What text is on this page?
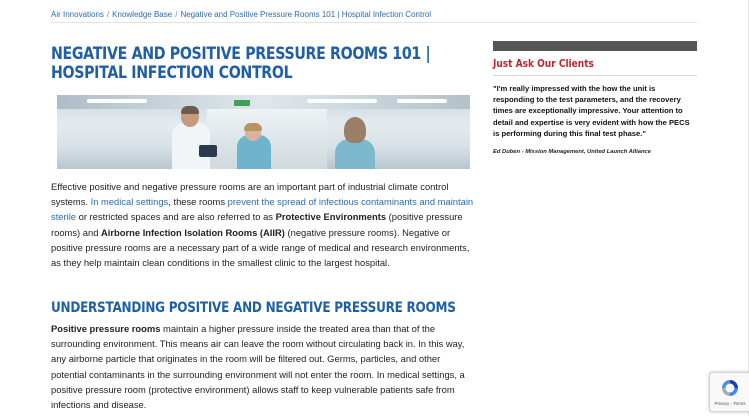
Air Innovations / Knowledge Base / Negative and Positive Pressure Rooms 101 | Hospital Infection Control
NEGATIVE AND POSITIVE PRESSURE ROOMS 101 | HOSPITAL INFECTION CONTROL

Effective positive and negative pressure rooms are an important part of industrial climate control systems. In medical settings, these rooms prevent the spread of infectious contaminants and maintain sterile or restricted spaces and are also referred to as Protective Environments (positive pressure rooms) and Airborne Infection Isolation Rooms (AIIR) (negative pressure rooms). Negative or positive pressure rooms are a necessary part of a wide range of medical and research environments, as they help maintain clean conditions in the smallest clinic to the largest hospital.

UNDERSTANDING POSITIVE AND NEGATIVE PRESSURE ROOMS

Positive pressure rooms maintain a higher pressure inside the treated area than that of the surrounding environment. This means air can leave the room without circulating back in. In this way, any airborne particle that originates in the room will be filtered out. Germs, particles, and other potential contaminants in the surrounding environment will not enter the room. In medical settings, a positive pressure room (protective environment) allows staff to keep vulnerable patients safe from infections and disease.

Just Ask Our Clients
"I'm really impressed with the how the unit is responding to the test parameters, and the recovery times are exceptionally impressive. Your attention to detail and expertise is very evident with how the PECS is performing during this final test phase."
Ed Duben - Mission Management, United Launch Alliance
Privacy - Terms
